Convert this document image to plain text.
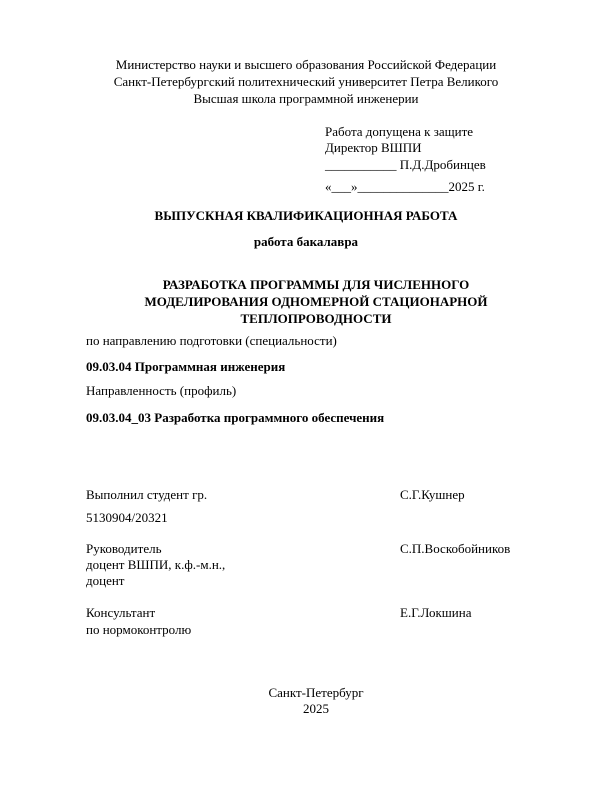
Министерство науки и высшего образования Российской Федерации
Санкт-Петербургский политехнический университет Петра Великого
Высшая школа программной инженерии
Работа допущена к защите
Директор ВШПИ
___________ П.Д.Дробинцев
«___»______________2025 г.
ВЫПУСКНАЯ КВАЛИФИКАЦИОННАЯ РАБОТА
работа бакалавра
РАЗРАБОТКА ПРОГРАММЫ ДЛЯ ЧИСЛЕННОГО
МОДЕЛИРОВАНИЯ ОДНОМЕРНОЙ СТАЦИОНАРНОЙ
ТЕПЛОПРОВОДНОСТИ
по направлению подготовки (специальности)
09.03.04 Программная инженерия
Направленность (профиль)
09.03.04_03 Разработка программного обеспечения
Выполнил студент гр.	С.Г.Кушнер
5130904/20321
Руководитель	С.П.Воскобойников
доцент ВШПИ, к.ф.-м.н.,
доцент
Консультант	Е.Г.Локшина
по нормоконтролю
Санкт-Петербург
2025
